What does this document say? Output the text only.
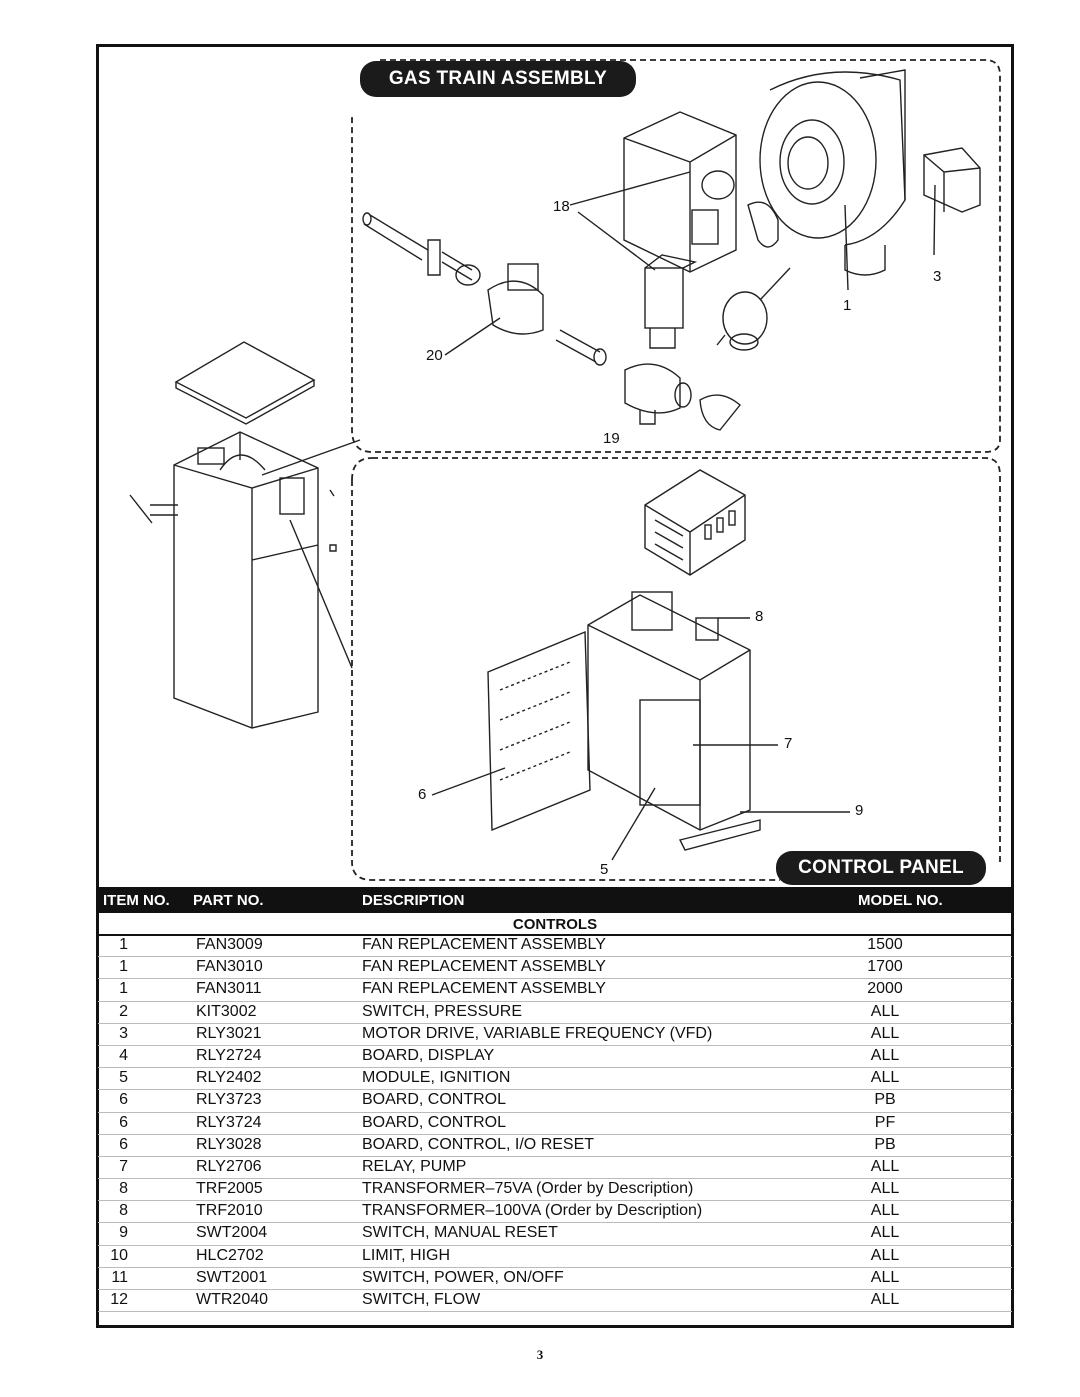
GAS TRAIN ASSEMBLY
CONTROL PANEL
18
20
19
1
3
8
7
6
9
5
ITEM NO. PART NO.	DESCRIPTION	MODEL NO.
CONTROLS
1	FAN3009	FAN REPLACEMENT ASSEMBLY	1500
1	FAN3010	FAN REPLACEMENT ASSEMBLY	1700
1	FAN3011	FAN REPLACEMENT ASSEMBLY	2000
2	KIT3002	SWITCH, PRESSURE	ALL
3	RLY3021	MOTOR DRIVE, VARIABLE FREQUENCY (VFD)	ALL
4	RLY2724	BOARD, DISPLAY	ALL
5	RLY2402	MODULE, IGNITION	ALL
6	RLY3723	BOARD, CONTROL	PB
6	RLY3724	BOARD, CONTROL	PF
6	RLY3028	BOARD, CONTROL, I/O RESET	PB
7	RLY2706	RELAY, PUMP	ALL
8	TRF2005	TRANSFORMER–75VA (Order by Description)	ALL
8	TRF2010	TRANSFORMER–100VA (Order by Description)	ALL
9	SWT2004	SWITCH, MANUAL RESET	ALL
10	HLC2702	LIMIT, HIGH	ALL
11	SWT2001	SWITCH, POWER, ON/OFF	ALL
12	WTR2040	SWITCH, FLOW	ALL
3
